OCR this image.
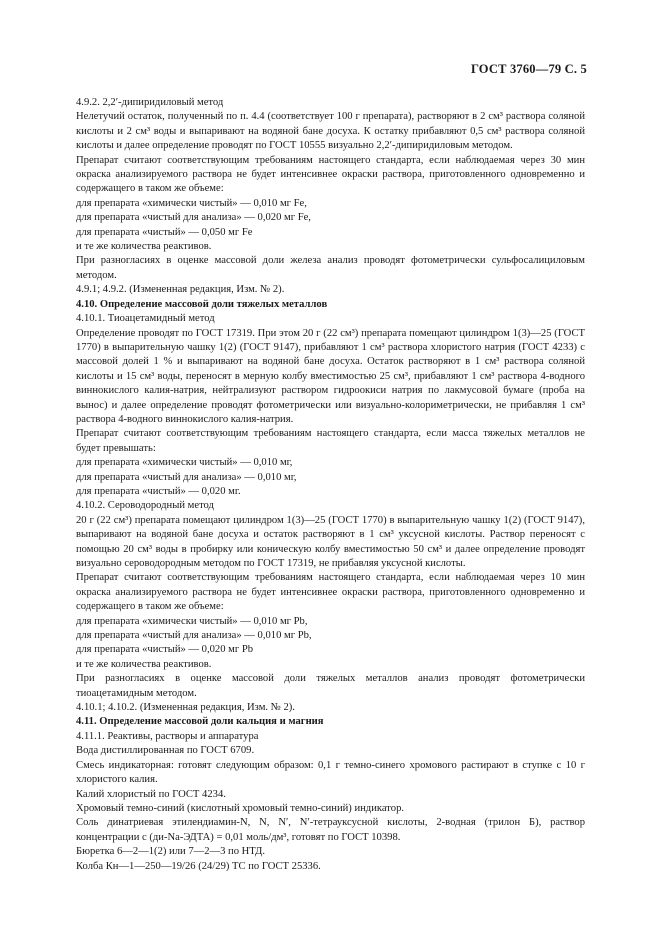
ГОСТ 3760—79 С. 5

4.9.2. 2,2′-дипиридиловый метод

Нелетучий остаток, полученный по п. 4.4 (соответствует 100 г препарата), растворяют в 2 см³ раствора соляной кислоты и 2 см³ воды и выпаривают на водяной бане досуха. К остатку прибавляют 0,5 см³ раствора соляной кислоты и далее определение проводят по ГОСТ 10555 визуально 2,2′-дипиридиловым методом.

Препарат считают соответствующим требованиям настоящего стандарта, если наблюдаемая через 30 мин окраска анализируемого раствора не будет интенсивнее окраски раствора, приготовленного одновременно и содержащего в таком же объеме:

для препарата «химически чистый» — 0,010 мг Fe,

для препарата «чистый для анализа» — 0,020 мг Fe,

для препарата «чистый» — 0,050 мг Fe

и те же количества реактивов.

При разногласиях в оценке массовой доли железа анализ проводят фотометрически сульфосалициловым методом.

4.9.1; 4.9.2. (Измененная редакция, Изм. № 2).

4.10. Определение массовой доли тяжелых металлов

4.10.1. Тиоацетамидный метод

Определение проводят по ГОСТ 17319. При этом 20 г (22 см³) препарата помещают цилиндром 1(3)—25 (ГОСТ 1770) в выпарительную чашку 1(2) (ГОСТ 9147), прибавляют 1 см³ раствора хлористого натрия (ГОСТ 4233) с массовой долей 1 % и выпаривают на водяной бане досуха. Остаток растворяют в 1 см³ раствора соляной кислоты и 15 см³ воды, переносят в мерную колбу вместимостью 25 см³, прибавляют 1 см³ раствора 4-водного виннокислого калия-натрия, нейтрализуют раствором гидроокиси натрия по лакмусовой бумаге (проба на вынос) и далее определение проводят фотометрически или визуально-колориметрически, не прибавляя 1 см³ раствора 4-водного виннокислого калия-натрия.

Препарат считают соответствующим требованиям настоящего стандарта, если масса тяжелых металлов не будет превышать:

для препарата «химически чистый» — 0,010 мг,

для препарата «чистый для анализа» — 0,010 мг,

для препарата «чистый» — 0,020 мг.

4.10.2. Сероводородный метод

20 г (22 см³) препарата помещают цилиндром 1(3)—25 (ГОСТ 1770) в выпарительную чашку 1(2) (ГОСТ 9147), выпаривают на водяной бане досуха и остаток растворяют в 1 см³ уксусной кислоты. Раствор переносят с помощью 20 см³ воды в пробирку или коническую колбу вместимостью 50 см³ и далее определение проводят визуально сероводородным методом по ГОСТ 17319, не прибавляя уксусной кислоты.

Препарат считают соответствующим требованиям настоящего стандарта, если наблюдаемая через 10 мин окраска анализируемого раствора не будет интенсивнее окраски раствора, приготовленного одновременно и содержащего в таком же объеме:

для препарата «химически чистый» — 0,010 мг Pb,

для препарата «чистый для анализа» — 0,010 мг Pb,

для препарата «чистый» — 0,020 мг Pb

и те же количества реактивов.

При разногласиях в оценке массовой доли тяжелых металлов анализ проводят фотометрически тиоацетамидным методом.

4.10.1; 4.10.2. (Измененная редакция, Изм. № 2).

4.11. Определение массовой доли кальция и магния

4.11.1. Реактивы, растворы и аппаратура

Вода дистиллированная по ГОСТ 6709.

Смесь индикаторная: готовят следующим образом: 0,1 г темно-синего хромового растирают в ступке с 10 г хлористого калия.

Калий хлористый по ГОСТ 4234.

Хромовый темно-синий (кислотный хромовый темно-синий) индикатор.

Соль динатриевая этилендиамин-N, N, N′, N′-тетрауксусной кислоты, 2-водная (трилон Б), раствор концентрации с (ди-Na-ЭДТА) = 0,01 моль/дм³, готовят по ГОСТ 10398.

Бюретка 6—2—1(2) или 7—2—3 по НТД.

Колба Кн—1—250—19/26 (24/29) ТС по ГОСТ 25336.
